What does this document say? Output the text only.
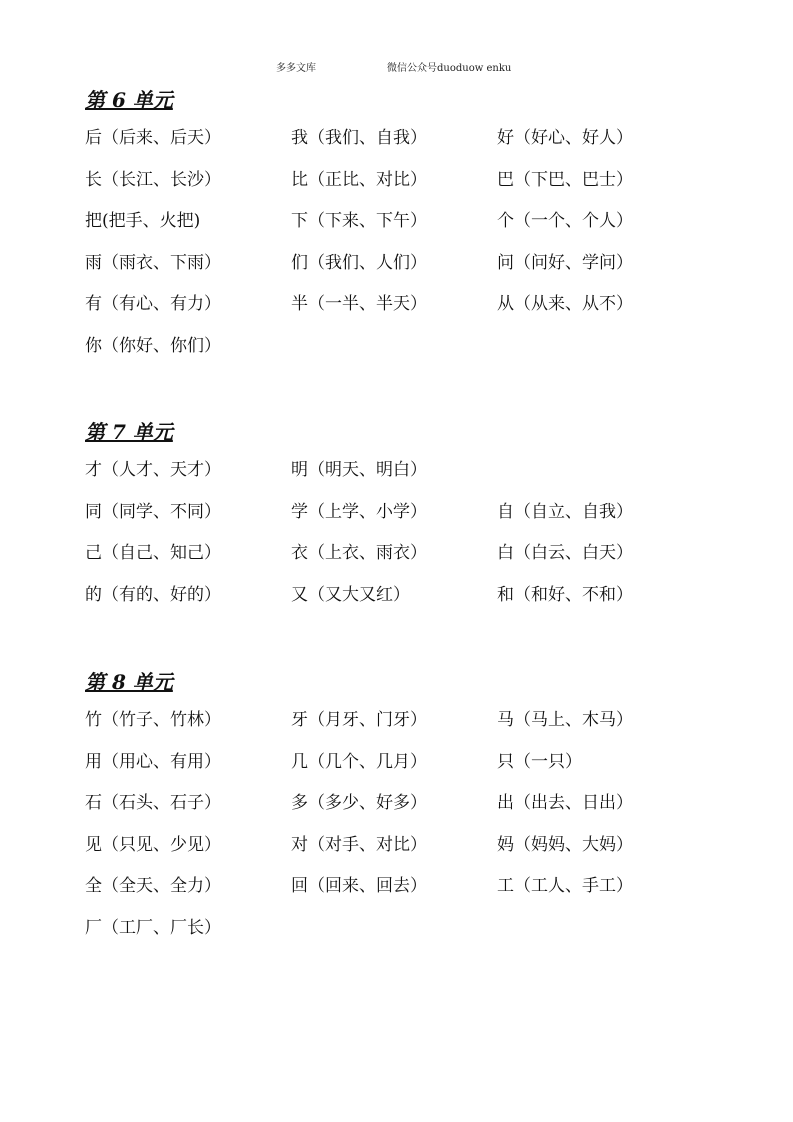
多多文库	微信公众号duoduow enku
第 6 单元
后（后来、后天）	我（我们、自我）	好（好心、好人）
长（长江、长沙）	比（正比、对比）	巴（下巴、巴士）
把(把手、火把)	下（下来、下午）	个（一个、个人）
雨（雨衣、下雨）	们（我们、人们）	问（问好、学问）
有（有心、有力）	半（一半、半天）	从（从来、从不）
你（你好、你们）
第 7 单元
才（人才、天才）	明（明天、明白）
同（同学、不同）	学（上学、小学）	自（自立、自我）
己（自己、知己）	衣（上衣、雨衣）	白（白云、白天）
的（有的、好的）	又（又大又红）	和（和好、不和）
第 8 单元
竹（竹子、竹林）	牙（月牙、门牙）	马（马上、木马）
用（用心、有用）	几（几个、几月）	只（一只）
石（石头、石子）	多（多少、好多）	出（出去、日出）
见（只见、少见）	对（对手、对比）	妈（妈妈、大妈）
全（全天、全力）	回（回来、回去）	工（工人、手工）
厂（工厂、厂长）
